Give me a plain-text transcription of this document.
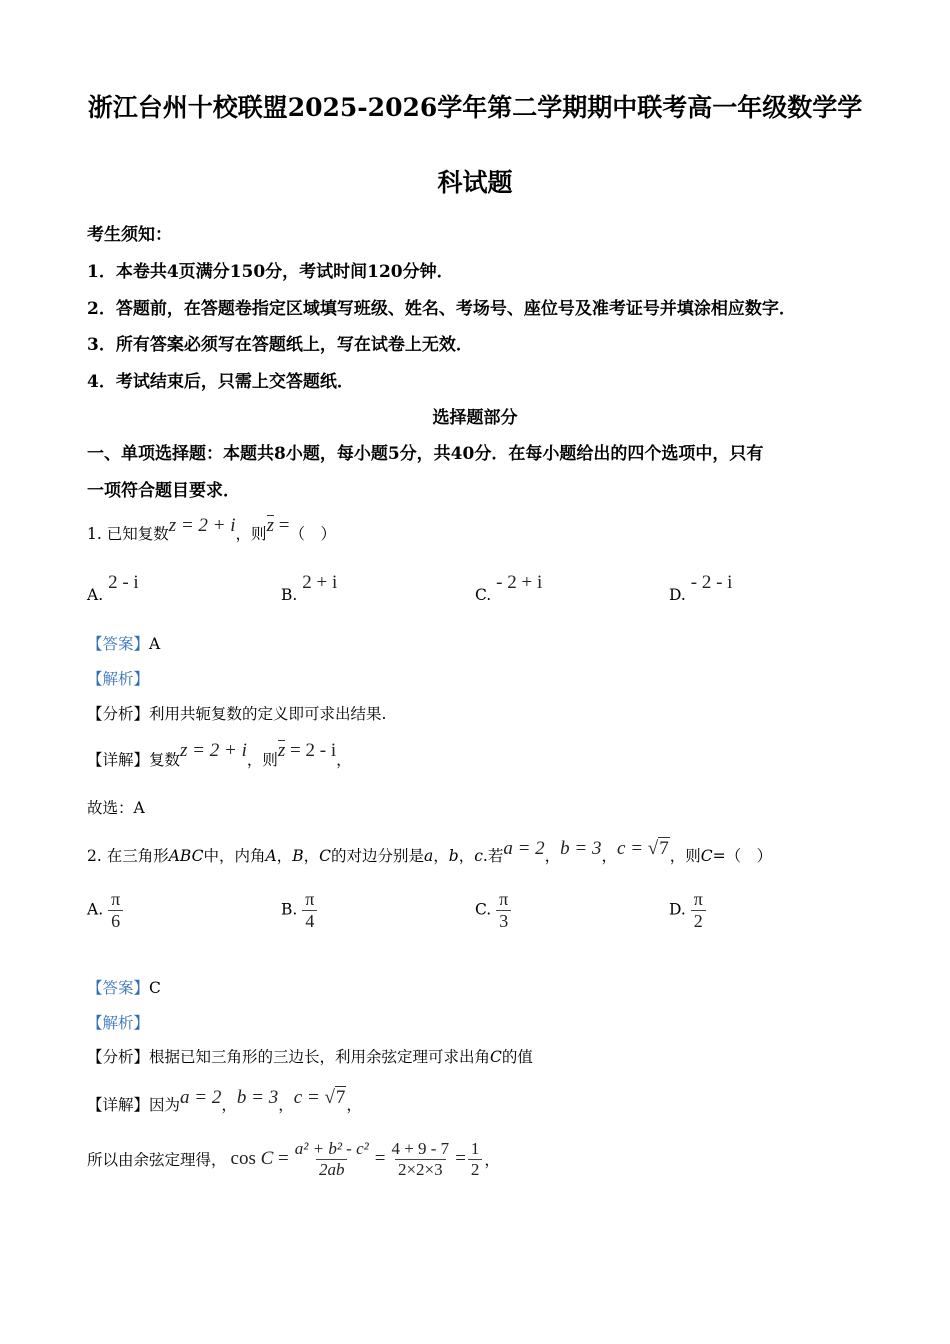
浙江台州十校联盟2025-2026学年第二学期期中联考高一年级数学学
科试题
考生须知：
1．本卷共4页满分150分，考试时间120分钟．
2．答题前，在答题卷指定区域填写班级、姓名、考场号、座位号及准考证号并填涂相应数字．
3．所有答案必须写在答题纸上，写在试卷上无效．
4．考试结束后，只需上交答题纸．
选择题部分
一、单项选择题：本题共8小题，每小题5分，共40分．在每小题给出的四个选项中，只有
一项符合题目要求．
1. 已知复数z = 2 + i，则z =（　）
A. 2 - i
B. 2 + i
C. - 2 + i
D. - 2 - i
【答案】A
【解析】
【分析】利用共轭复数的定义即可求出结果.
【详解】复数z = 2 + i，则z = 2 - i，
故选：A
2. 在三角形ABC中，内角A，B，C的对边分别是a，b，c.若a = 2，b = 3，c = √7，则C=（　）
A. $\frac{\pi}{6}$	B. $\frac{\pi}{4}$	C. $\frac{\pi}{3}$	D. $\frac{\pi}{2}$
【答案】C
【解析】
【分析】根据已知三角形的三边长，利用余弦定理可求出角C的值
【详解】因为a = 2，b = 3，c = √7，
所以由余弦定理得， $\cos C = \frac{\text{a² + b² - c²}}{2ab} = \frac{4 + 9 - 7}{2\times 2\times 3} = \frac{1}{2}$ ，
